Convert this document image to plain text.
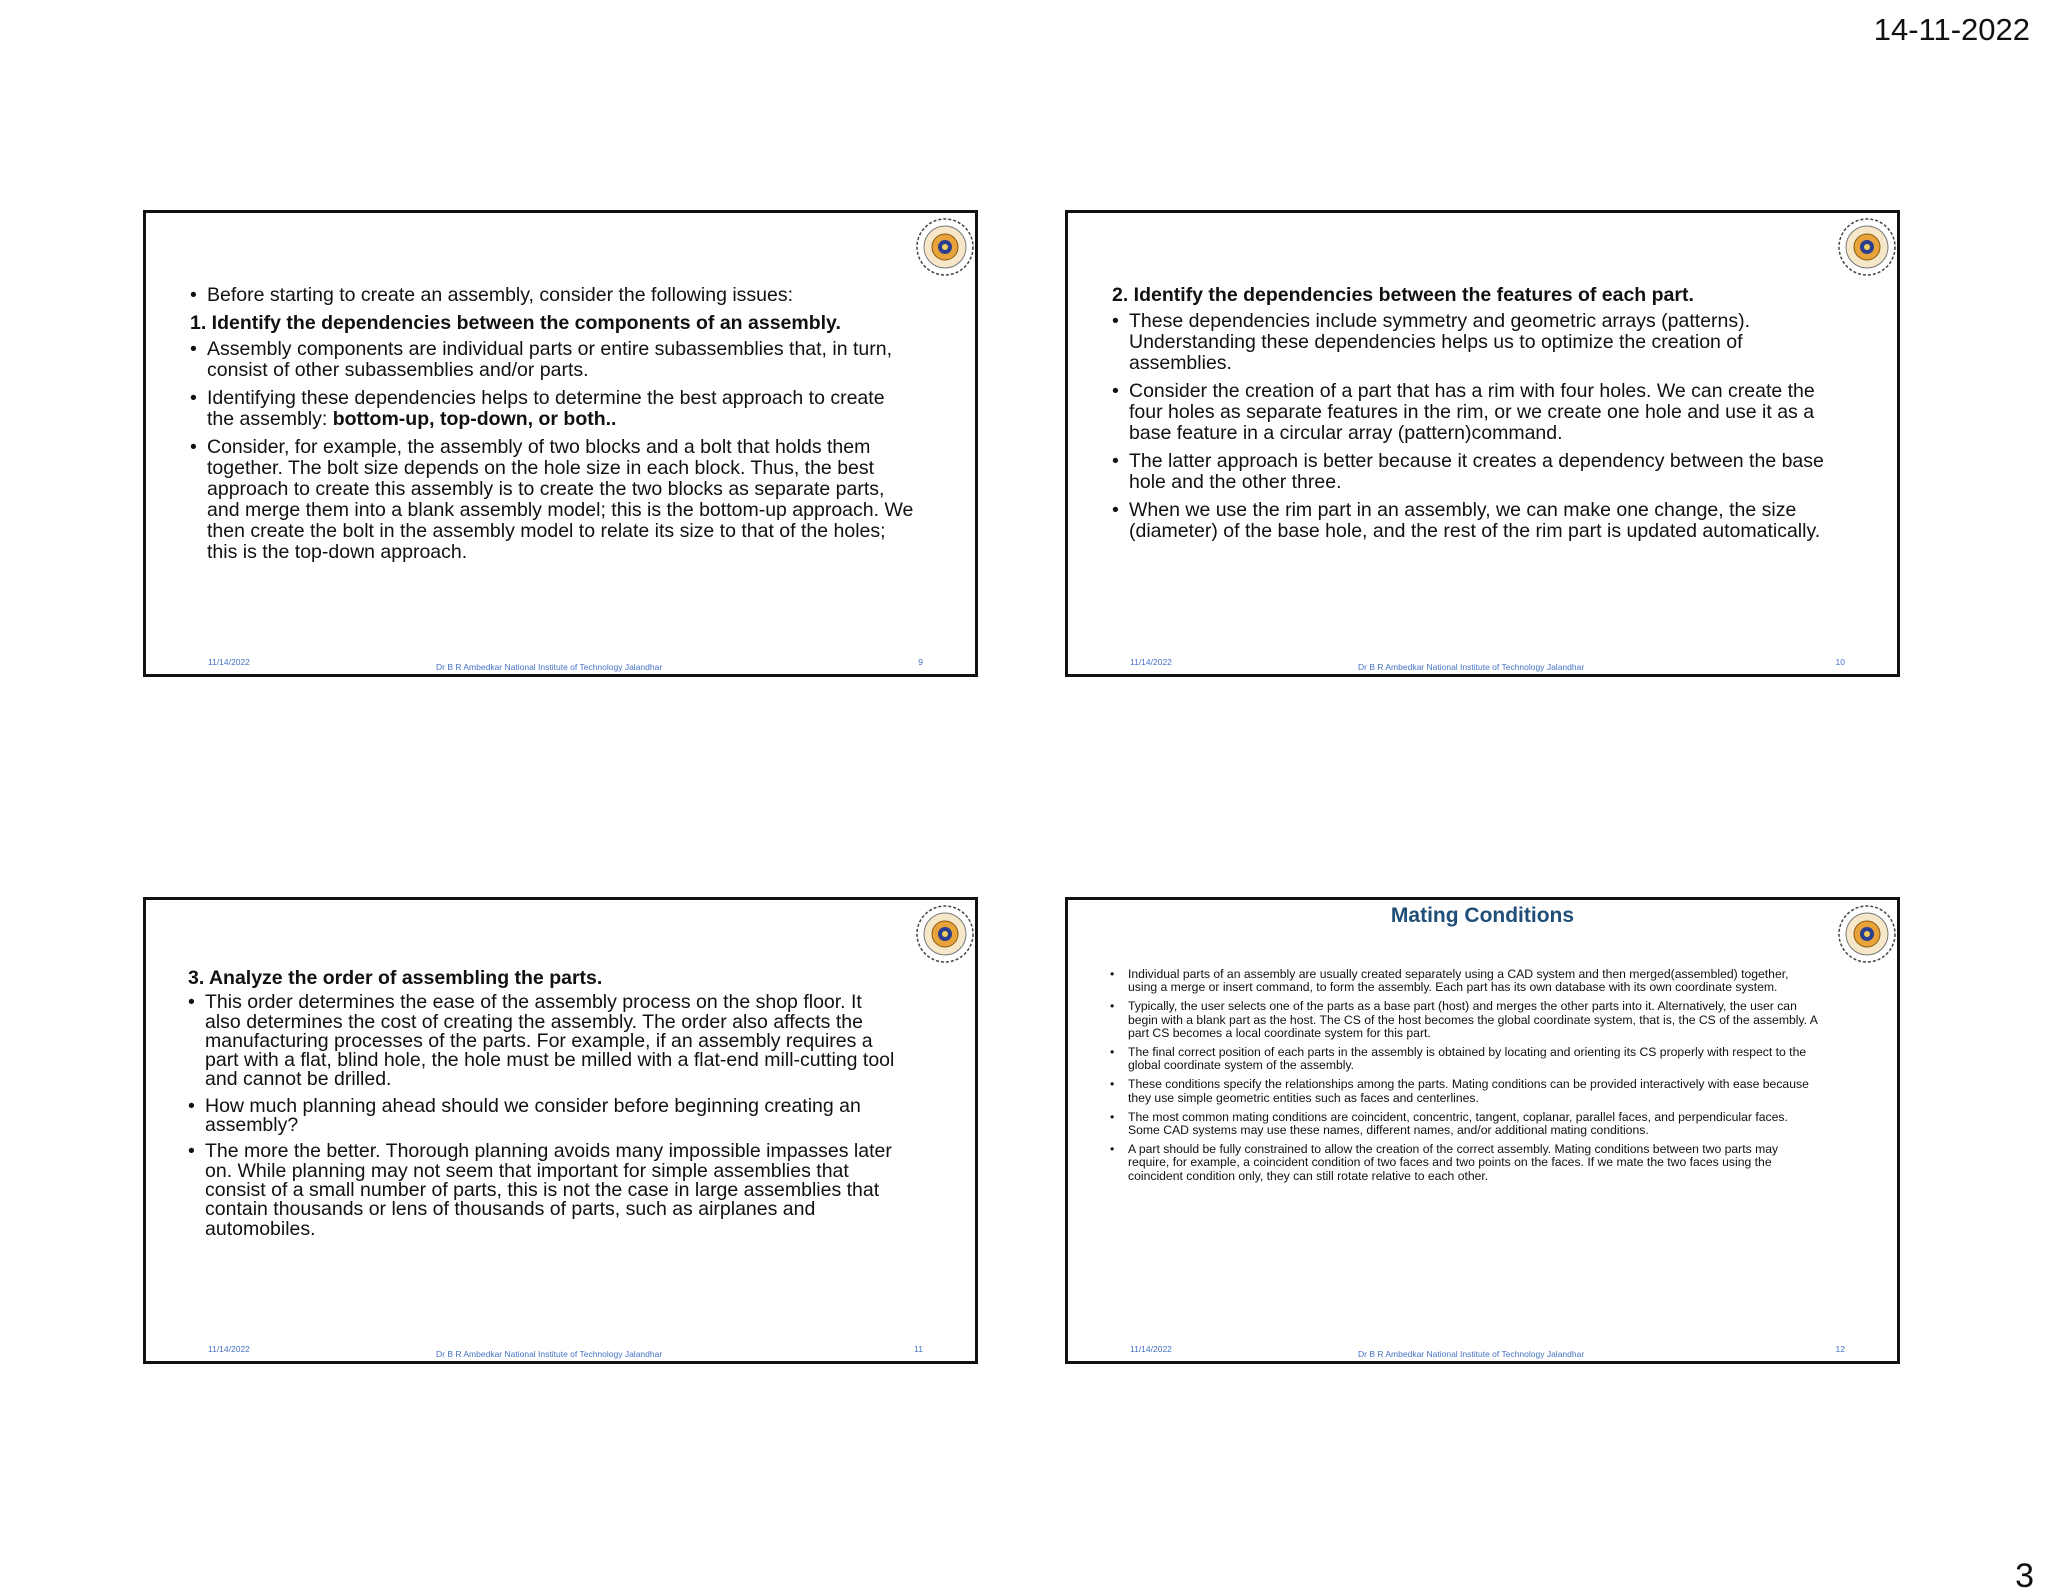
14-11-2022
• Before starting to create an assembly, consider the following issues:
1. Identify the dependencies between the components of an assembly.
• Assembly components are individual parts or entire subassemblies that, in turn, consist of other subassemblies and/or parts.
• Identifying these dependencies helps to determine the best approach to create the assembly: bottom-up, top-down, or both..
• Consider, for example, the assembly of two blocks and a bolt that holds them together. The bolt size depends on the hole size in each block. Thus, the best approach to create this assembly is to create the two blocks as separate parts, and merge them into a blank assembly model; this is the bottom-up approach. We then create the bolt in the assembly model to relate its size to that of the holes; this is the top-down approach.
11/14/2022	Dr B R Ambedkar National Institute of Technology Jalandhar	9
2. Identify the dependencies between the features of each part.
• These dependencies include symmetry and geometric arrays (patterns). Understanding these dependencies helps us to optimize the creation of assemblies.
• Consider the creation of a part that has a rim with four holes. We can create the four holes as separate features in the rim, or we create one hole and use it as a base feature in a circular array (pattern)command.
• The latter approach is better because it creates a dependency between the base hole and the other three.
• When we use the rim part in an assembly, we can make one change, the size (diameter) of the base hole, and the rest of the rim part is updated automatically.
11/14/2022	Dr B R Ambedkar National Institute of Technology Jalandhar	10
3. Analyze the order of assembling the parts.
• This order determines the ease of the assembly process on the shop floor. It also determines the cost of creating the assembly. The order also affects the manufacturing processes of the parts. For example, if an assembly requires a part with a flat, blind hole, the hole must be milled with a flat-end mill-cutting tool and cannot be drilled.
• How much planning ahead should we consider before beginning creating an assembly?
• The more the better. Thorough planning avoids many impossible impasses later on. While planning may not seem that important for simple assemblies that consist of a small number of parts, this is not the case in large assemblies that contain thousands or lens of thousands of parts, such as airplanes and automobiles.
11/14/2022	Dr B R Ambedkar National Institute of Technology Jalandhar	11
Mating Conditions
• Individual parts of an assembly are usually created separately using a CAD system and then merged(assembled) together, using a merge or insert command, to form the assembly. Each part has its own database with its own coordinate system.
• Typically, the user selects one of the parts as a base part (host) and merges the other parts into it. Alternatively, the user can begin with a blank part as the host. The CS of the host becomes the global coordinate system, that is, the CS of the assembly. A part CS becomes a local coordinate system for this part.
• The final correct position of each parts in the assembly is obtained by locating and orienting its CS properly with respect to the global coordinate system of the assembly.
• These conditions specify the relationships among the parts. Mating conditions can be provided interactively with ease because they use simple geometric entities such as faces and centerlines.
• The most common mating conditions are coincident, concentric, tangent, coplanar, parallel faces, and perpendicular faces. Some CAD systems may use these names, different names, and/or additional mating conditions.
• A part should be fully constrained to allow the creation of the correct assembly. Mating conditions between two parts may require, for example, a coincident condition of two faces and two points on the faces. If we mate the two faces using the coincident condition only, they can still rotate relative to each other.
11/14/2022	Dr B R Ambedkar National Institute of Technology Jalandhar	12
3
